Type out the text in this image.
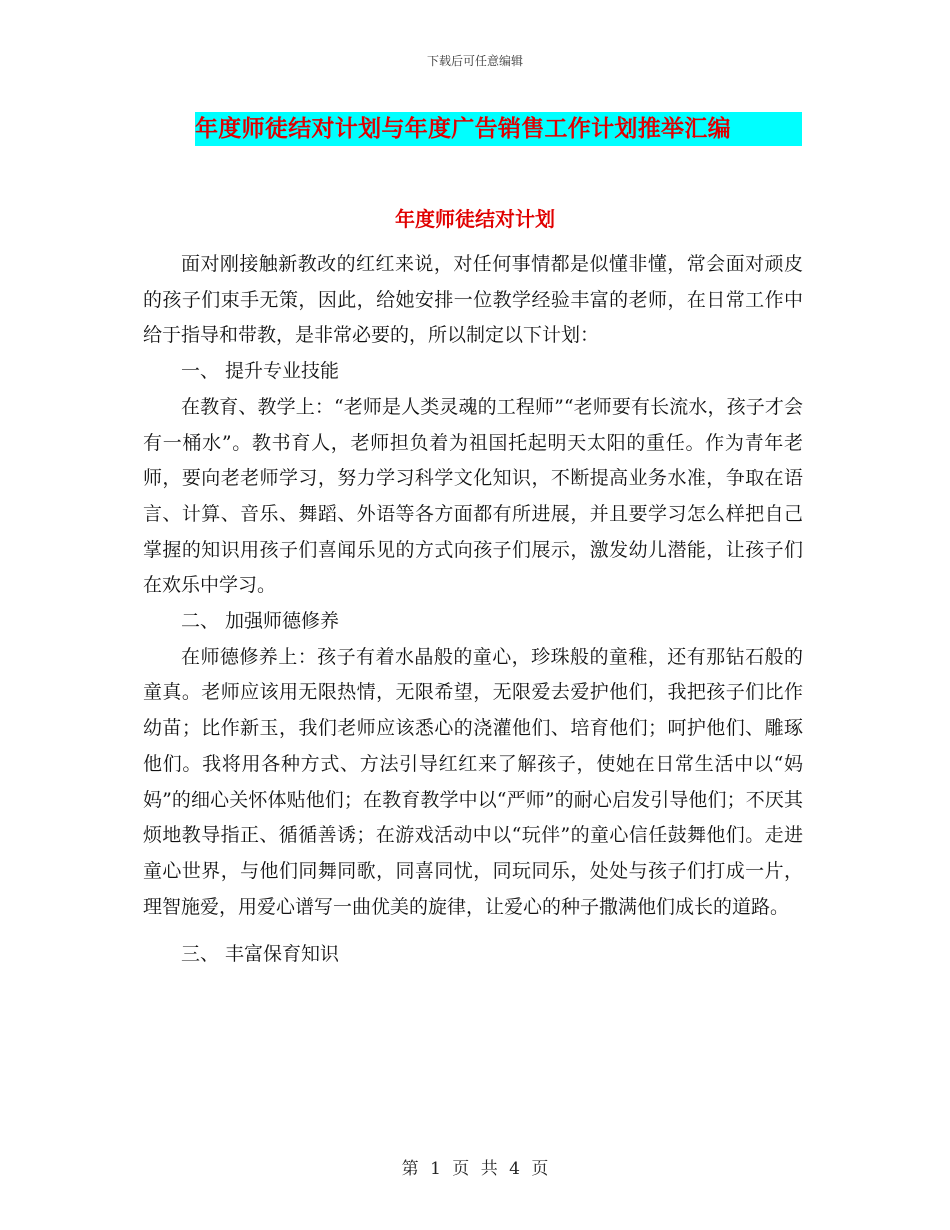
下载后可任意编辑
年度师徒结对计划与年度广告销售工作计划推举汇编
年度师徒结对计划

面对刚接触新教改的红红来说，对任何事情都是似懂非懂，常会面对顽皮的孩子们束手无策，因此，给她安排一位教学经验丰富的老师，在日常工作中给于指导和带教，是非常必要的，所以制定以下计划：

一、 提升专业技能

在教育、教学上：“老师是人类灵魂的工程师”“老师要有长流水，孩子才会有一桶水”。教书育人，老师担负着为祖国托起明天太阳的重任。作为青年老师，要向老老师学习，努力学习科学文化知识，不断提高业务水准，争取在语言、计算、音乐、舞蹈、外语等各方面都有所进展，并且要学习怎么样把自己掌握的知识用孩子们喜闻乐见的方式向孩子们展示，激发幼儿潜能，让孩子们在欢乐中学习。

二、 加强师德修养

在师德修养上：孩子有着水晶般的童心，珍珠般的童稚，还有那钻石般的童真。老师应该用无限热情，无限希望，无限爱去爱护他们，我把孩子们比作幼苗；比作新玉，我们老师应该悉心的浇灌他们、培育他们；呵护他们、雕琢他们。我将用各种方式、方法引导红红来了解孩子，使她在日常生活中以“妈妈”的细心关怀体贴他们；在教育教学中以“严师”的耐心启发引导他们；不厌其烦地教导指正、循循善诱；在游戏活动中以“玩伴”的童心信任鼓舞他们。走进童心世界，与他们同舞同歌，同喜同忧，同玩同乐，处处与孩子们打成一片，理智施爱，用爱心谱写一曲优美的旋律，让爱心的种子撒满他们成长的道路。

三、 丰富保育知识

第 1 页 共 4 页
